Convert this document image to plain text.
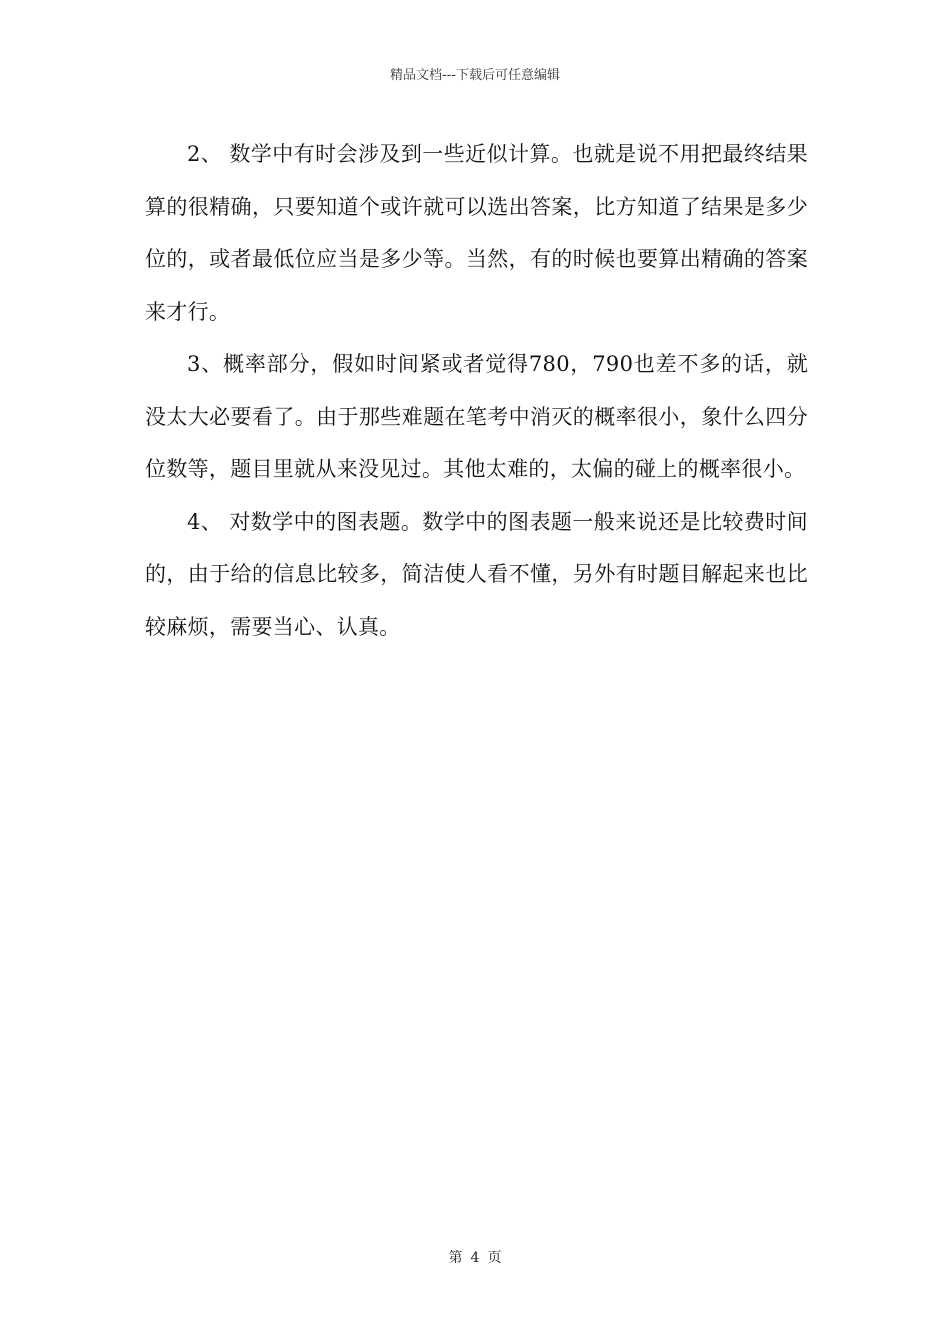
精品文档---下载后可任意编辑

2、 数学中有时会涉及到一些近似计算。也就是说不用把最终结果算的很精确，只要知道个或许就可以选出答案，比方知道了结果是多少位的，或者最低位应当是多少等。当然，有的时候也要算出精确的答案来才行。

3、概率部分，假如时间紧或者觉得780，790也差不多的话，就没太大必要看了。由于那些难题在笔考中消灭的概率很小，象什么四分位数等，题目里就从来没见过。其他太难的，太偏的碰上的概率很小。

4、 对数学中的图表题。数学中的图表题一般来说还是比较费时间的，由于给的信息比较多，简洁使人看不懂，另外有时题目解起来也比较麻烦，需要当心、认真。

第 4 页
